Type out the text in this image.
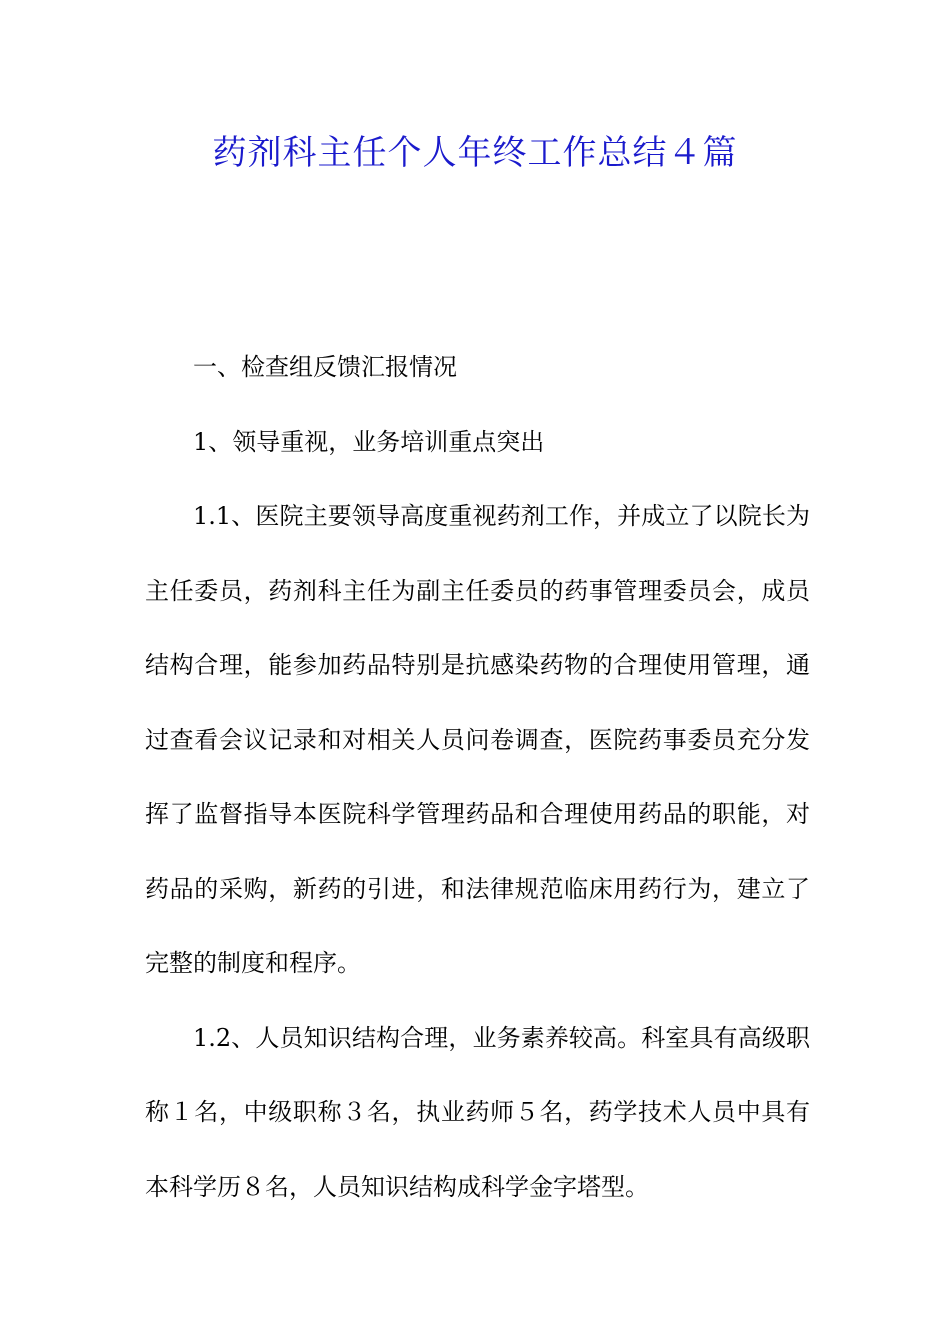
药剂科主任个人年终工作总结４篇

一、检查组反馈汇报情况

1、领导重视，业务培训重点突出

1.1、医院主要领导高度重视药剂工作，并成立了以院长为主任委员，药剂科主任为副主任委员的药事管理委员会，成员结构合理，能参加药品特别是抗感染药物的合理使用管理，通过查看会议记录和对相关人员问卷调查，医院药事委员充分发挥了监督指导本医院科学管理药品和合理使用药品的职能，对药品的采购，新药的引进，和法律规范临床用药行为，建立了完整的制度和程序。

1.2、人员知识结构合理，业务素养较高。科室具有高级职称１名，中级职称３名，执业药师５名，药学技术人员中具有本科学历８名，人员知识结构成科学金字塔型。
